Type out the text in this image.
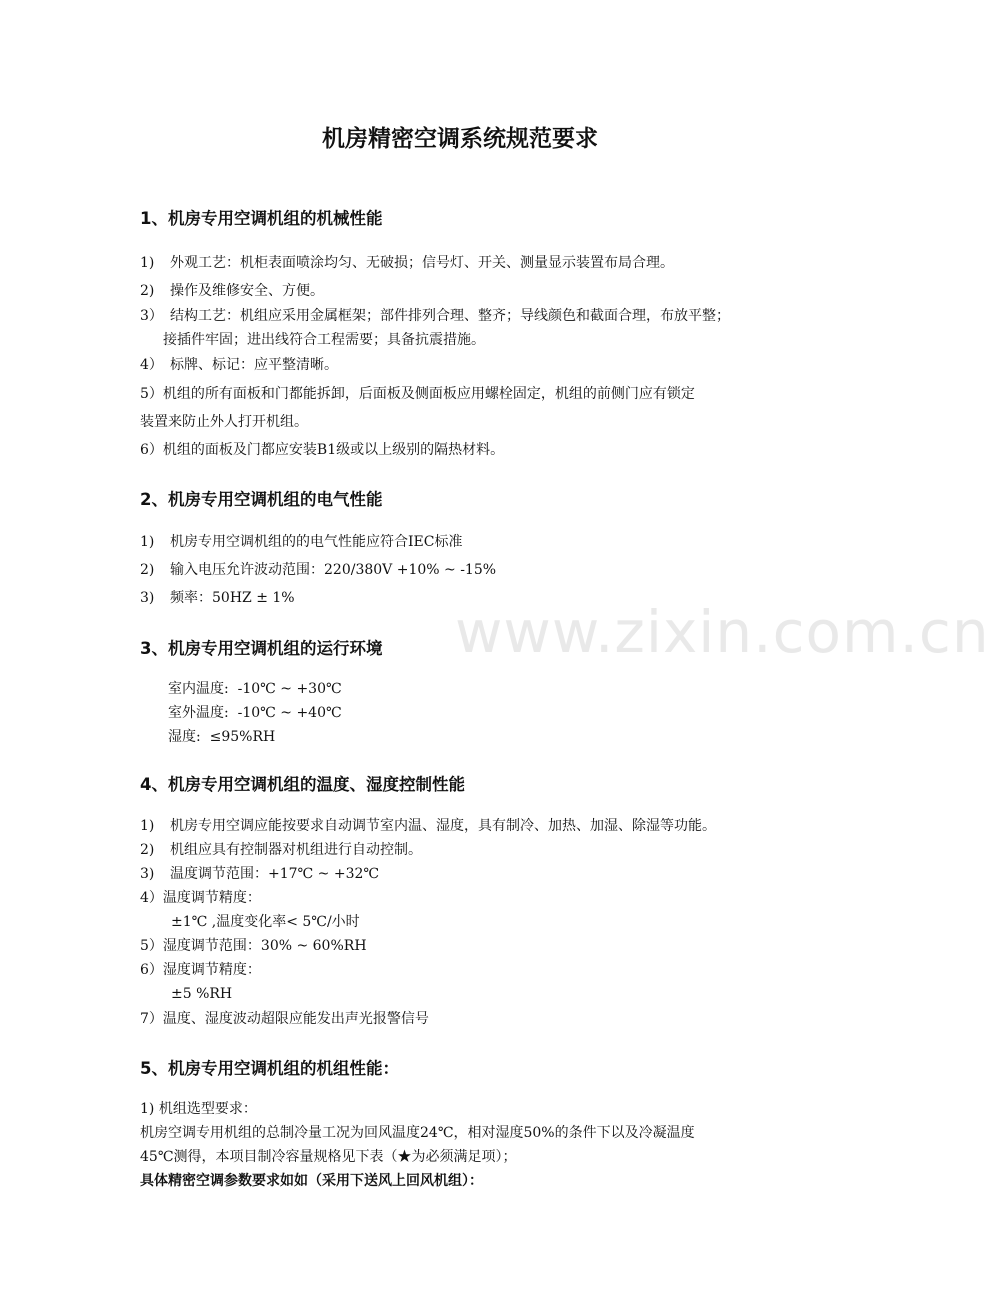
www.zixin.com.cn
机房精密空调系统规范要求
1、机房专用空调机组的机械性能

1) 外观工艺：机柜表面喷涂均匀、无破损；信号灯、开关、测量显示装置布局合理。

2) 操作及维修安全、方便。

3） 结构工艺：机组应采用金属框架；部件排列合理、整齐；导线颜色和截面合理，布放平整；

接插件牢固；进出线符合工程需要；具备抗震措施。

4） 标牌、标记：应平整清晰。

5）机组的所有面板和门都能拆卸，后面板及侧面板应用螺栓固定，机组的前侧门应有锁定

装置来防止外人打开机组。

6）机组的面板及门都应安装B1级或以上级别的隔热材料。

2、机房专用空调机组的电气性能

1) 机房专用空调机组的的电气性能应符合IEC标准

2) 输入电压允许波动范围：220/380V +10% ~ -15%

3) 频率：50HZ ± 1%

3、机房专用空调机组的运行环境

室内温度:  -10℃ ~ +30℃

室外温度:  -10℃ ~ +40℃

湿度:  ≤95%RH

4、机房专用空调机组的温度、湿度控制性能

1) 机房专用空调应能按要求自动调节室内温、湿度，具有制冷、加热、加湿、除湿等功能。

2) 机组应具有控制器对机组进行自动控制。

3) 温度调节范围：+17℃ ~ +32℃

4）温度调节精度：

±1℃ ,温度变化率< 5℃/小时

5）湿度调节范围：30% ~ 60%RH

6）湿度调节精度：

±5 %RH

7）温度、湿度波动超限应能发出声光报警信号

5、机房专用空调机组的机组性能：

1) 机组选型要求：

机房空调专用机组的总制冷量工况为回风温度24℃，相对湿度50%的条件下以及冷凝温度

45℃测得，本项目制冷容量规格见下表（★为必须满足项）；

具体精密空调参数要求如如（采用下送风上回风机组）：
